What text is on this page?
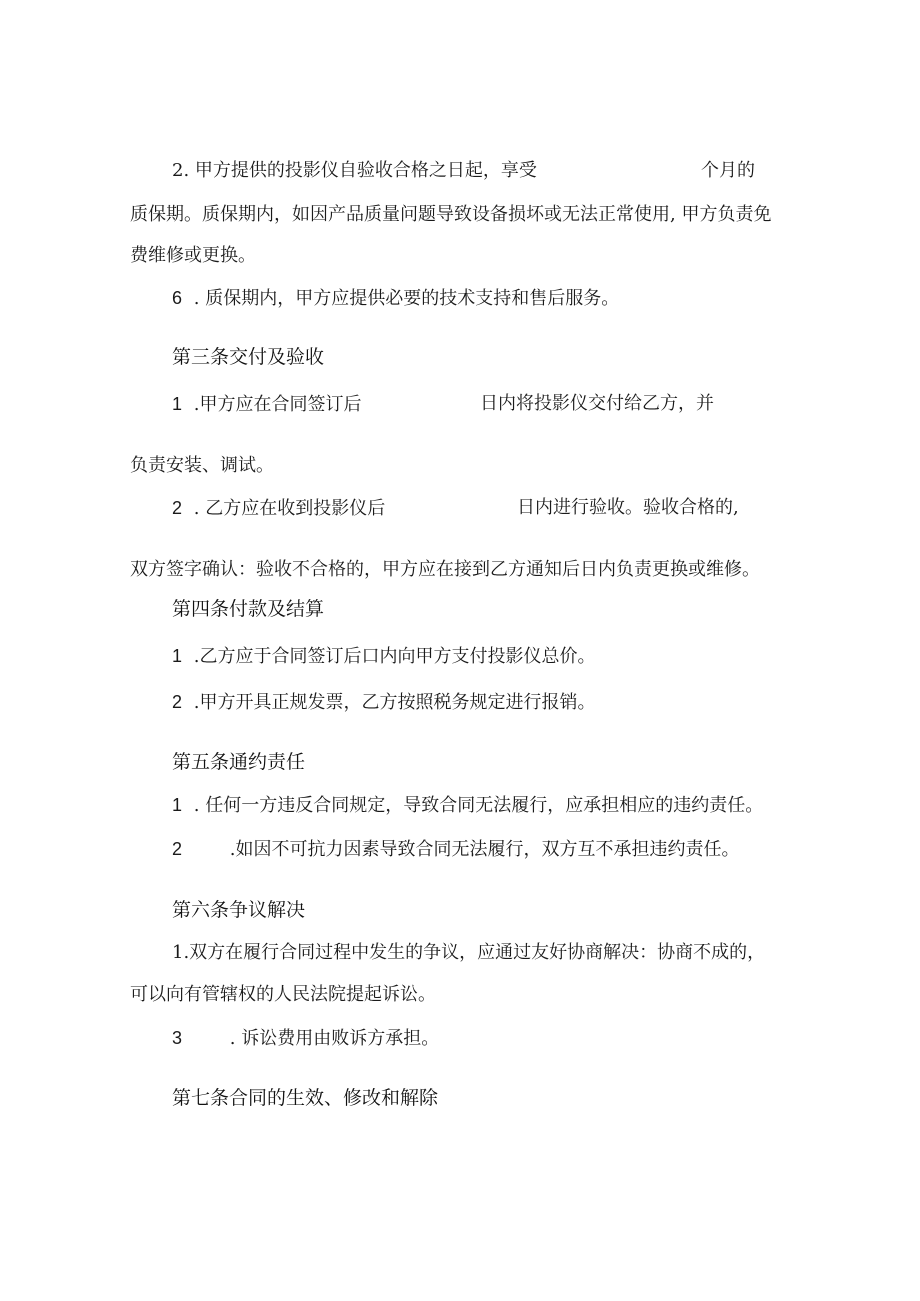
2. 甲方提供的投影仪自验收合格之日起，享受	个月的
质保期。质保期内，如因产品质量问题导致设备损坏或无法正常使用, 甲方负责免
费维修或更换。
6 . 质保期内，甲方应提供必要的技术支持和售后服务。
第三条交付及验收
1 .甲方应在合同签订后	日内将投影仪交付给乙方，并
负责安装、调试。
2 . 乙方应在收到投影仪后	日内进行验收。验收合格的,
双方签字确认：验收不合格的，甲方应在接到乙方通知后日内负责更换或维修。
第四条付款及结算
1 .乙方应于合同签订后口内向甲方支付投影仪总价。
2 .甲方开具正规发票，乙方按照税务规定进行报销。
第五条通约责任
1 . 任何一方违反合同规定，导致合同无法履行，应承担相应的违约责任。
2	.如因不可抗力因素导致合同无法履行，双方互不承担违约责任。
第六条争议解决
1.双方在履行合同过程中发生的争议，应通过友好协商解决：协商不成的，
可以向有管辖权的人民法院提起诉讼。
3	. 诉讼费用由败诉方承担。
第七条合同的生效、修改和解除
